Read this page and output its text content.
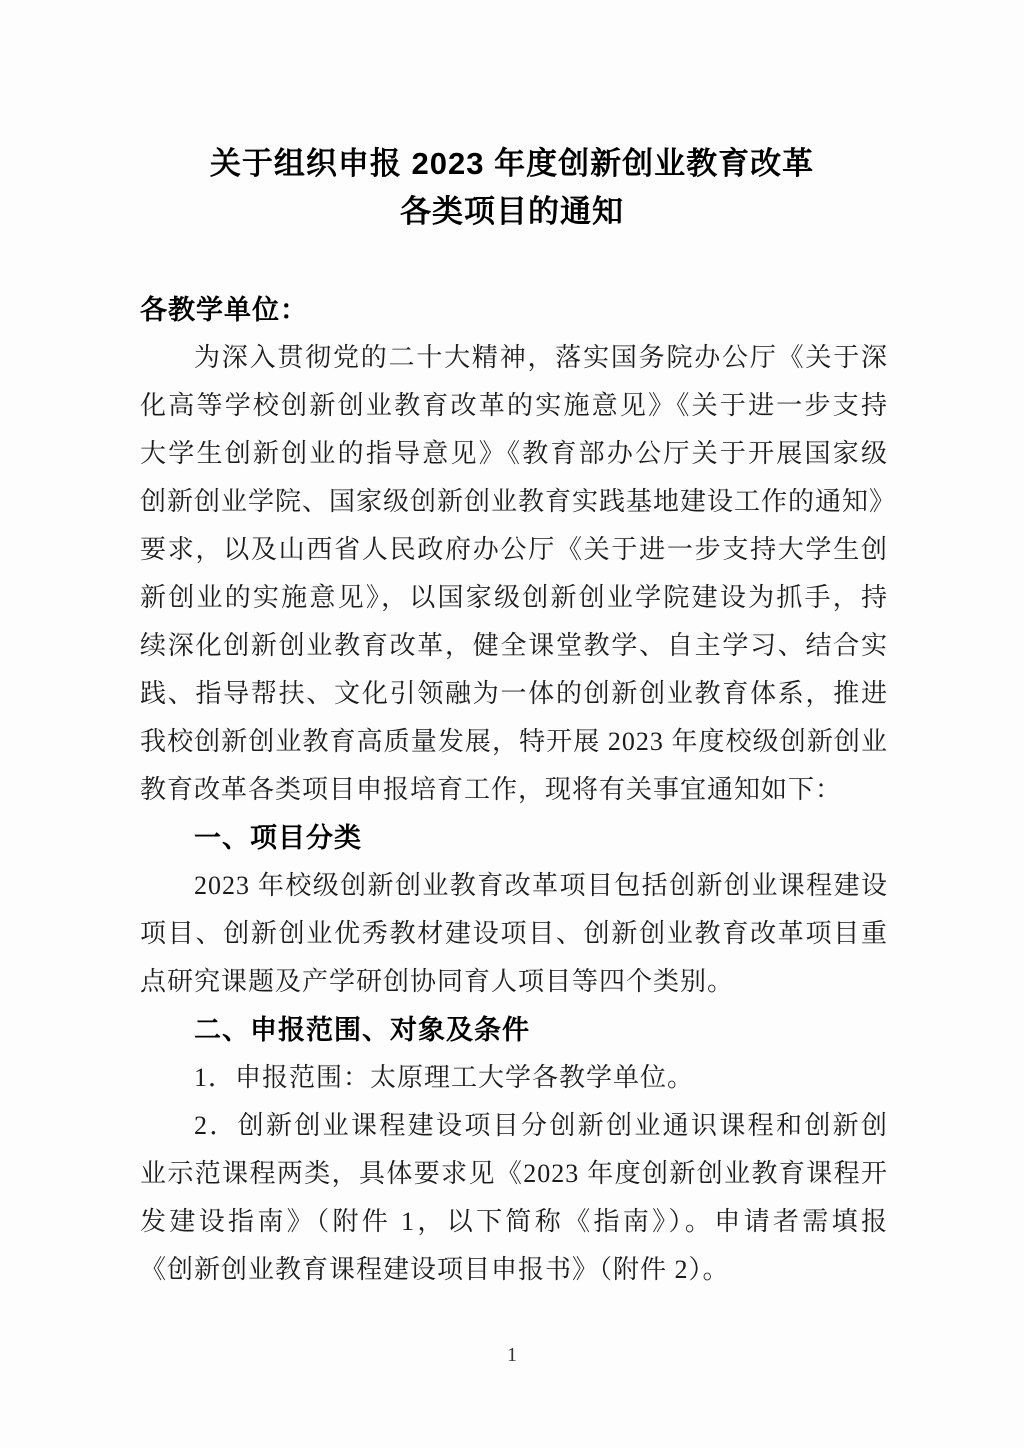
关于组织申报 2023 年度创新创业教育改革
各类项目的通知
各教学单位：
为深入贯彻党的二十大精神，落实国务院办公厅《关于深
化高等学校创新创业教育改革的实施意见》《关于进一步支持
大学生创新创业的指导意见》《教育部办公厅关于开展国家级
创新创业学院、国家级创新创业教育实践基地建设工作的通知》
要求，以及山西省人民政府办公厅《关于进一步支持大学生创
新创业的实施意见》，以国家级创新创业学院建设为抓手，持
续深化创新创业教育改革，健全课堂教学、自主学习、结合实
践、指导帮扶、文化引领融为一体的创新创业教育体系，推进
我校创新创业教育高质量发展，特开展 2023 年度校级创新创业
教育改革各类项目申报培育工作，现将有关事宜通知如下：
一、项目分类
2023 年校级创新创业教育改革项目包括创新创业课程建设
项目、创新创业优秀教材建设项目、创新创业教育改革项目重
点研究课题及产学研创协同育人项目等四个类别。
二、申报范围、对象及条件
1．申报范围：太原理工大学各教学单位。
2．创新创业课程建设项目分创新创业通识课程和创新创
业示范课程两类，具体要求见《2023 年度创新创业教育课程开
发建设指南》（附件 1，以下简称《指南》）。申请者需填报
《创新创业教育课程建设项目申报书》（附件 2）。
1
